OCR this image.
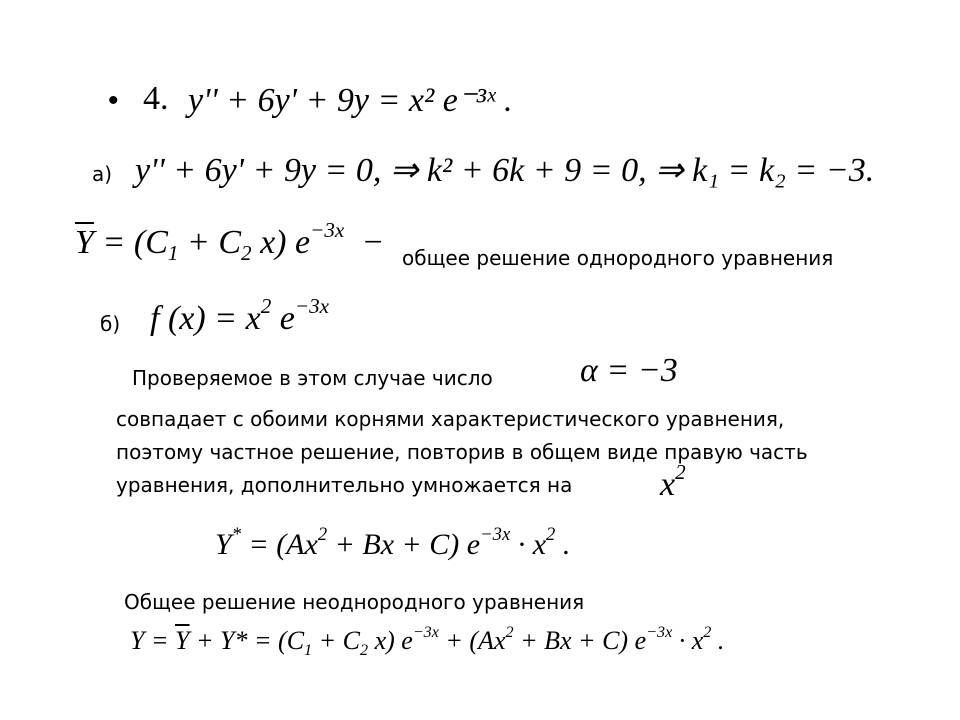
• 4. y'' + 6y' + 9y = x² e⁻³ˣ .
а) y'' + 6y' + 9y = 0, ⇒ k² + 6k + 9 = 0, ⇒ k₁ = k₂ = −3.
$\overline{Y} = (C_1 + C_2$ x) $e^{-3x}$  − общее решение однородного уравнения
б) f $(x) = x^2$ $e^{-3x}$
Проверяемое в этом случае число	α = −3
совпадает с обоими корнями характеристического уравнения,
поэтому частное решение, повторив в общем виде правую часть
уравнения, дополнительно умножается на	$x^2$
$Y^* = (Ax^2 + Bx + C) e^{-3x} \cdot x^2$ .
Общее решение неоднородного уравнения
$Y = \overline{Y} + Y* = (C_1 + C_2$ x) $e^{-3x} + (Ax^2 + Bx + C) e^{-3x} \cdot x^2$ .
